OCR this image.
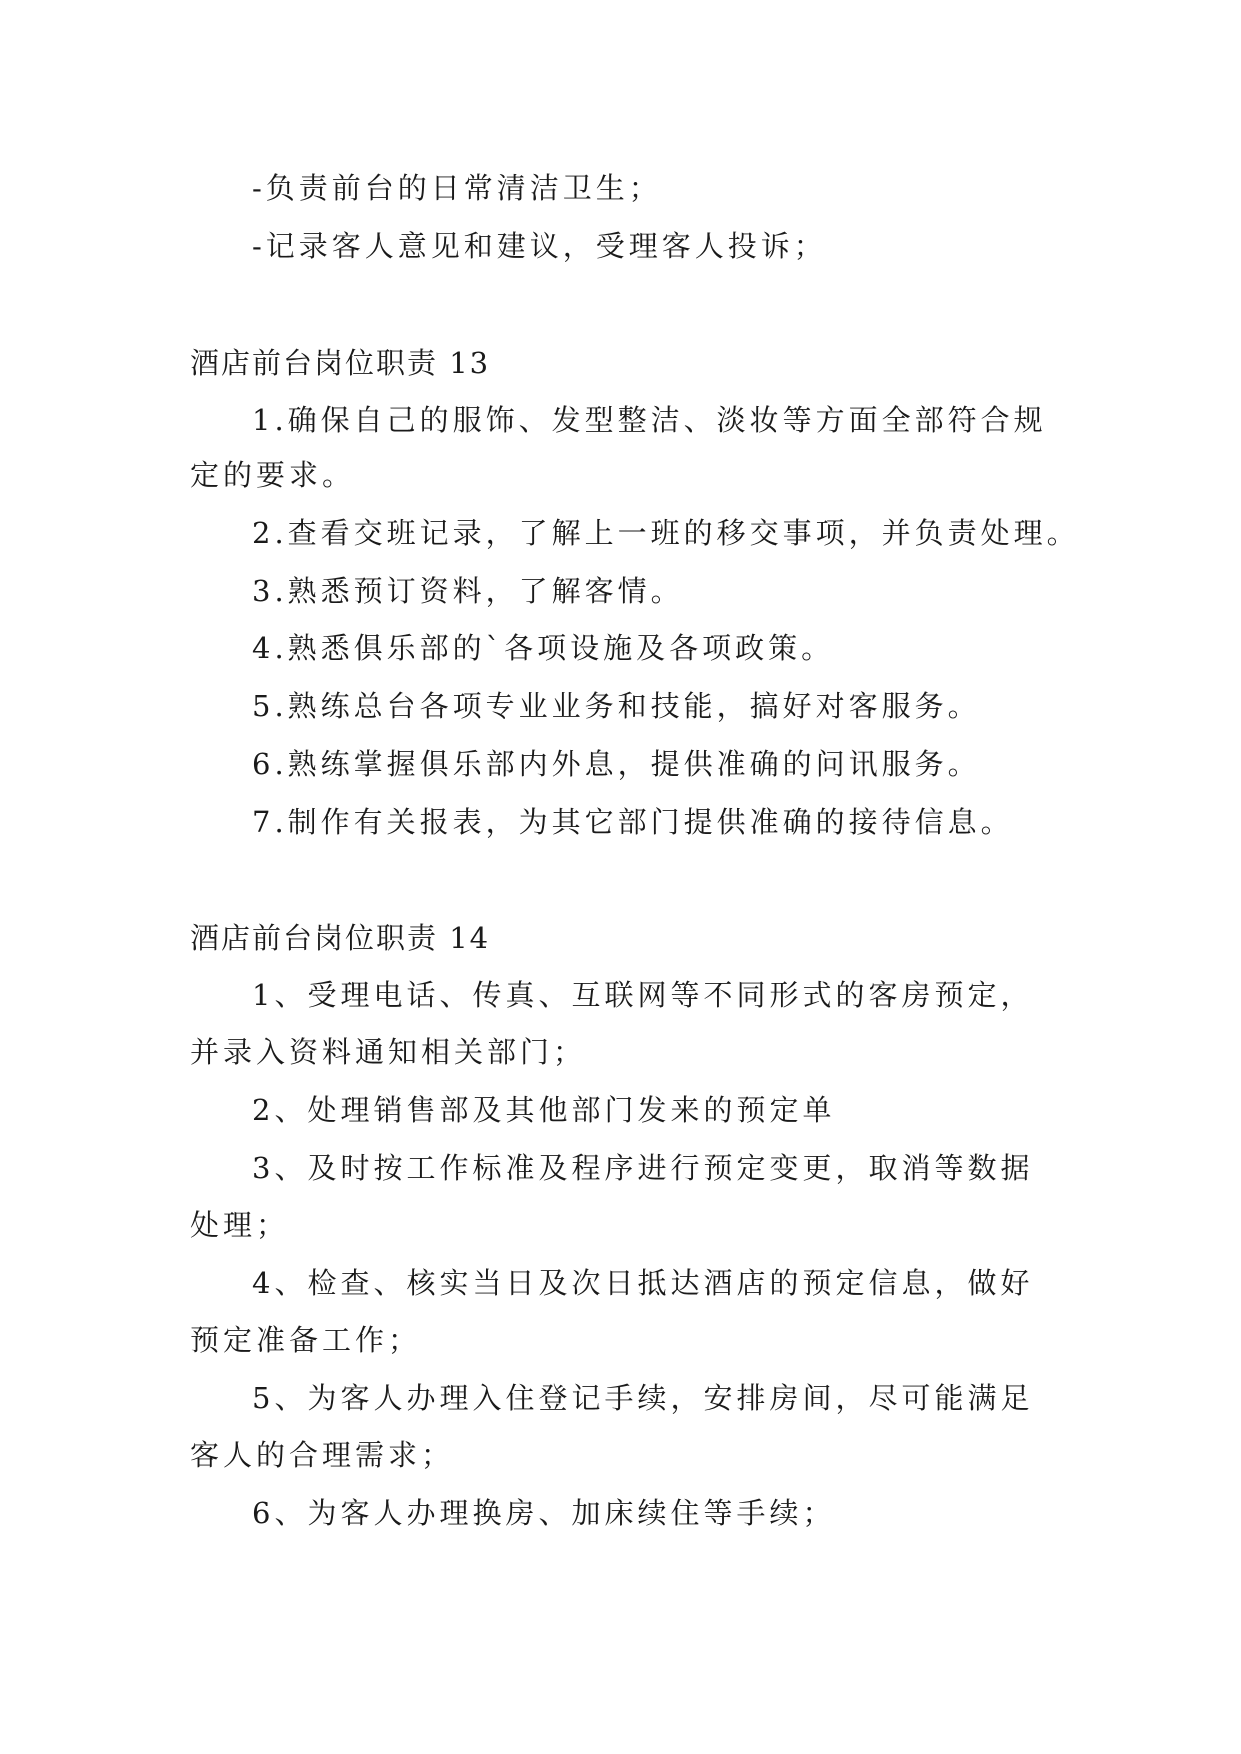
-负责前台的日常清洁卫生；
-记录客人意见和建议，受理客人投诉；
酒店前台岗位职责 13
1.确保自己的服饰、发型整洁、淡妆等方面全部符合规
定的要求。
2.查看交班记录，了解上一班的移交事项，并负责处理。
3.熟悉预订资料，了解客情。
4.熟悉俱乐部的`各项设施及各项政策。
5.熟练总台各项专业业务和技能，搞好对客服务。
6.熟练掌握俱乐部内外息，提供准确的问讯服务。
7.制作有关报表，为其它部门提供准确的接待信息。
酒店前台岗位职责 14
1、受理电话、传真、互联网等不同形式的客房预定，
并录入资料通知相关部门；
2、处理销售部及其他部门发来的预定单
3、及时按工作标准及程序进行预定变更，取消等数据
处理；
4、检查、核实当日及次日抵达酒店的预定信息，做好
预定准备工作；
5、为客人办理入住登记手续，安排房间，尽可能满足
客人的合理需求；
6、为客人办理换房、加床续住等手续；
